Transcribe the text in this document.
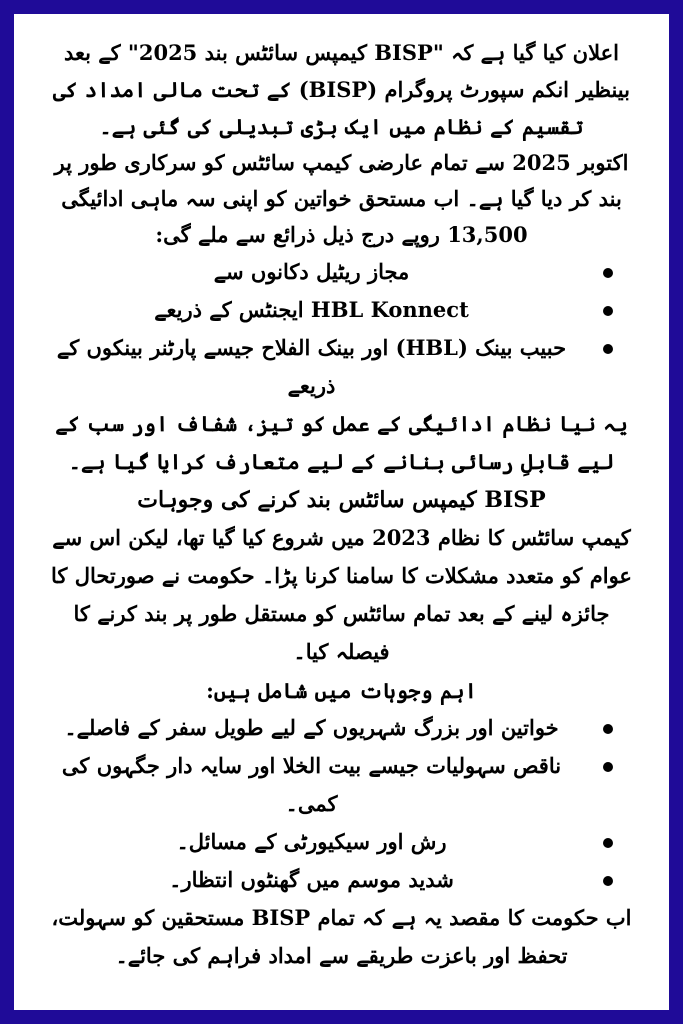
اعلان کیا گیا ہے کہ "BISP کیمپس سائٹس بند 2025" کے بعد بینظیر انکم سپورٹ پروگرام (BISP) کے تحت مالی امداد کی تقسیم کے نظام میں ایک بڑی تبدیلی کی گئی ہے۔

اکتوبر 2025 سے تمام عارضی کیمپ سائٹس کو سرکاری طور پر بند کر دیا گیا ہے۔ اب مستحق خواتین کو اپنی سہ ماہی ادائیگی 13,500 روپے درج ذیل ذرائع سے ملے گی:

مجاز ریٹیل دکانوں سے
HBL Konnect ایجنٹس کے ذریعے
حبیب بینک (HBL) اور بینک الفلاح جیسے پارٹنر بینکوں کے ذریعے

یہ نیا نظام ادائیگی کے عمل کو تیز، شفاف اور سب کے لیے قابلِ رسائی بنانے کے لیے متعارف کرایا گیا ہے۔

BISP کیمپس سائٹس بند کرنے کی وجوہات

کیمپ سائٹس کا نظام 2023 میں شروع کیا گیا تھا، لیکن اس سے عوام کو متعدد مشکلات کا سامنا کرنا پڑا۔ حکومت نے صورتحال کا جائزہ لینے کے بعد تمام سائٹس کو مستقل طور پر بند کرنے کا فیصلہ کیا۔

اہم وجوہات میں شامل ہیں:

خواتین اور بزرگ شہریوں کے لیے طویل سفر کے فاصلے۔
ناقص سہولیات جیسے بیت الخلا اور سایہ دار جگہوں کی کمی۔
رش اور سیکیورٹی کے مسائل۔
شدید موسم میں گھنٹوں انتظار۔

اب حکومت کا مقصد یہ ہے کہ تمام BISP مستحقین کو سہولت، تحفظ اور باعزت طریقے سے امداد فراہم کی جائے۔
